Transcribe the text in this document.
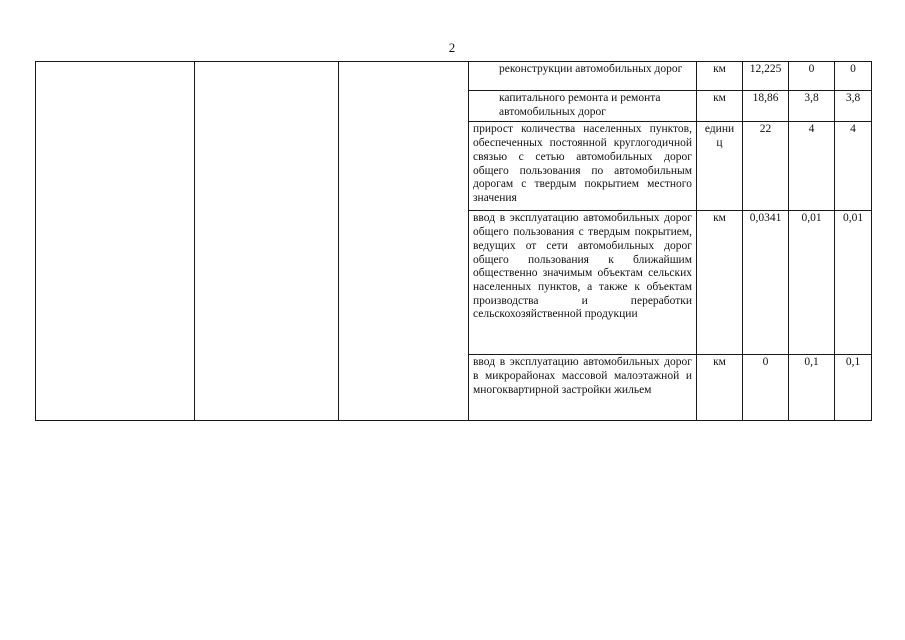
2
			реконструкции автомобильных дорог	км	12,225	0	0
			капитального ремонта и ремонта автомобильных дорог	км	18,86	3,8	3,8
			прирост количества населенных пунктов, обеспеченных постоянной круглогодичной связью с сетью автомобильных дорог общего пользования по автомобильным дорогам с твердым покрытием местного значения	единиц	22	4	4
			ввод в эксплуатацию автомобильных дорог общего пользования с твердым покрытием, ведущих от сети автомобильных дорог общего пользования к ближайшим общественно значимым объектам сельских населенных пунктов, а также к объектам производства и переработки сельскохозяйственной продукции	км	0,0341	0,01	0,01
			ввод в эксплуатацию автомобильных дорог в микрорайонах массовой малоэтажной и многоквартирной застройки жильем	км	0	0,1	0,1
